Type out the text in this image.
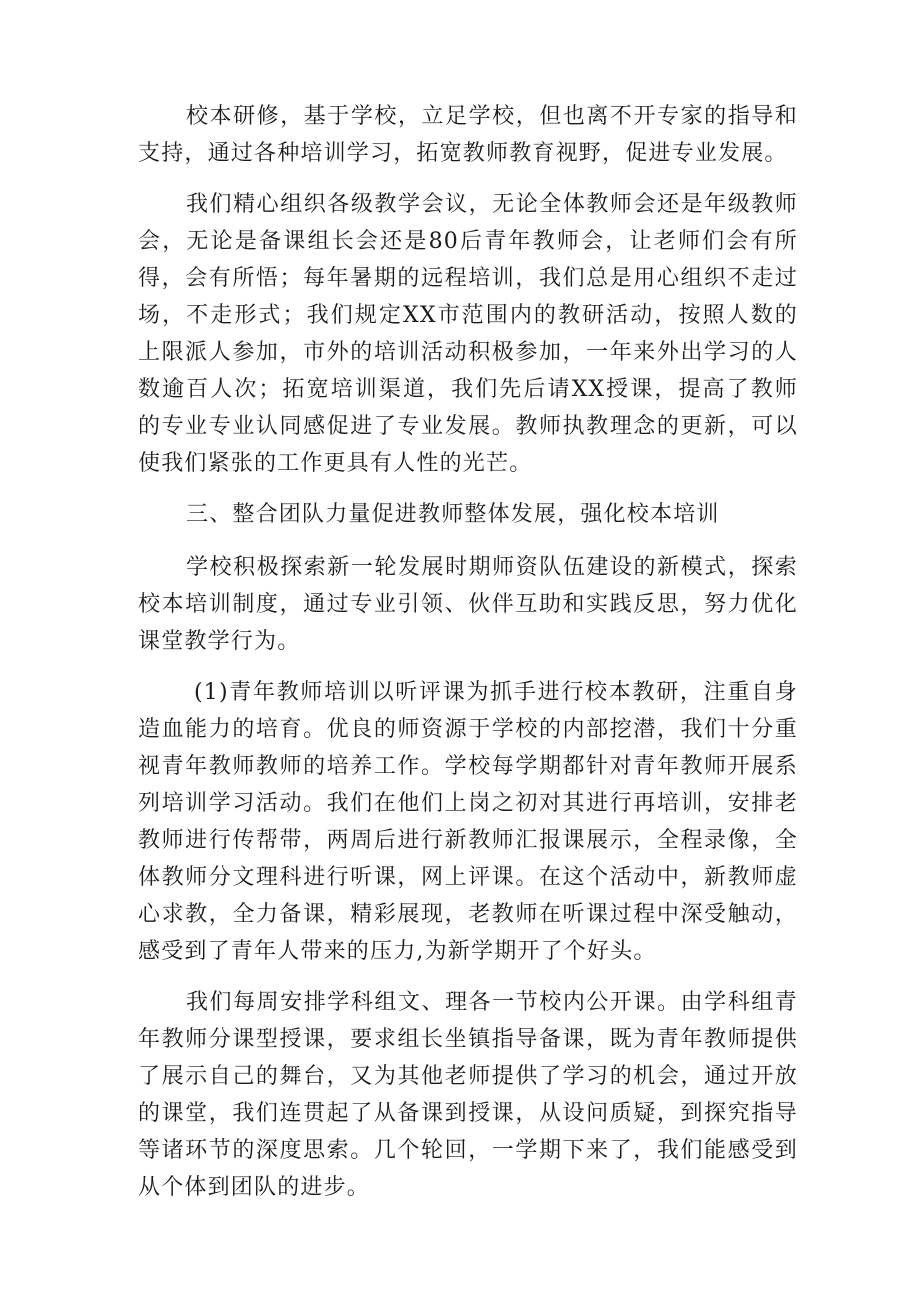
校本研修，基于学校，立足学校，但也离不开专家的指导和支持，通过各种培训学习，拓宽教师教育视野，促进专业发展。

我们精心组织各级教学会议，无论全体教师会还是年级教师会，无论是备课组长会还是80后青年教师会，让老师们会有所得，会有所悟；每年暑期的远程培训，我们总是用心组织不走过场，不走形式；我们规定XX市范围内的教研活动，按照人数的上限派人参加，市外的培训活动积极参加，一年来外出学习的人数逾百人次；拓宽培训渠道，我们先后请XX授课，提高了教师的专业专业认同感促进了专业发展。教师执教理念的更新，可以使我们紧张的工作更具有人性的光芒。

三、整合团队力量促进教师整体发展，强化校本培训

学校积极探索新一轮发展时期师资队伍建设的新模式，探索校本培训制度，通过专业引领、伙伴互助和实践反思，努力优化课堂教学行为。

(1)青年教师培训以听评课为抓手进行校本教研，注重自身造血能力的培育。优良的师资源于学校的内部挖潜，我们十分重视青年教师教师的培养工作。学校每学期都针对青年教师开展系列培训学习活动。我们在他们上岗之初对其进行再培训，安排老教师进行传帮带，两周后进行新教师汇报课展示，全程录像，全体教师分文理科进行听课，网上评课。在这个活动中，新教师虚心求教，全力备课，精彩展现，老教师在听课过程中深受触动，感受到了青年人带来的压力,为新学期开了个好头。

我们每周安排学科组文、理各一节校内公开课。由学科组青年教师分课型授课，要求组长坐镇指导备课，既为青年教师提供了展示自己的舞台，又为其他老师提供了学习的机会，通过开放的课堂，我们连贯起了从备课到授课，从设问质疑，到探究指导等诸环节的深度思索。几个轮回，一学期下来了，我们能感受到从个体到团队的进步。
